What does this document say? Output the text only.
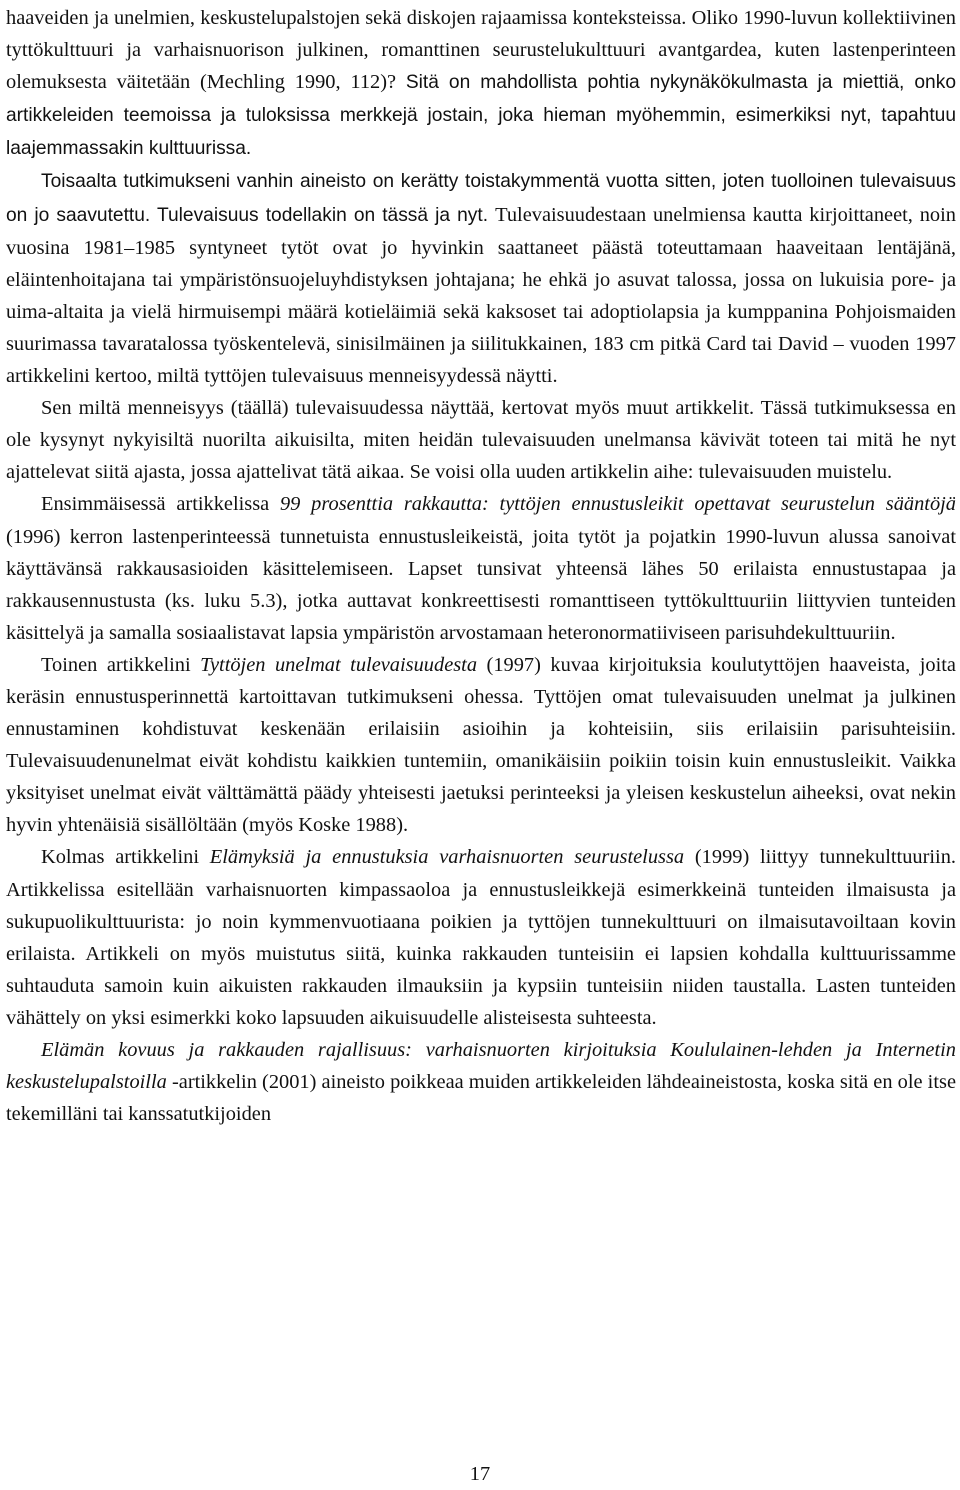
haaveiden ja unelmien, keskustelupalstojen sekä diskojen rajaamissa konteksteissa. Oliko 1990-luvun kollektiivinen tyttökulttuuri ja varhaisnuorison julkinen, romanttinen seurustelukulttuuri avantgardea, kuten lastenperinteen olemuksesta väitetään (Mechling 1990, 112)? Sitä on mahdollista pohtia nykynäkökulmasta ja miettiä, onko artikkeleiden teemoissa ja tuloksissa merkkejä jostain, joka hieman myöhemmin, esimerkiksi nyt, tapahtuu laajemmassakin kulttuurissa.

Toisaalta tutkimukseni vanhin aineisto on kerätty toistakymmentä vuotta sitten, joten tuolloinen tulevaisuus on jo saavutettu. Tulevaisuus todellakin on tässä ja nyt. Tulevaisuudestaan unelmiensa kautta kirjoittaneet, noin vuosina 1981–1985 syntyneet tytöt ovat jo hyvinkin saattaneet päästä toteuttamaan haaveitaan lentäjänä, eläintenhoitajana tai ympäristönsuojeluyhdistyksen johtajana; he ehkä jo asuvat talossa, jossa on lukuisia pore- ja uima-altaita ja vielä hirmuisempi määrä kotieläimiä sekä kaksoset tai adoptiolapsia ja kumppanina Pohjoismaiden suurimassa tavaratalossa työskentelevä, sinisilmäinen ja siilitukkainen, 183 cm pitkä Card tai David – vuoden 1997 artikkelini kertoo, miltä tyttöjen tulevaisuus menneisyydessä näytti.

Sen miltä menneisyys (täällä) tulevaisuudessa näyttää, kertovat myös muut artikkelit. Tässä tutkimuksessa en ole kysynyt nykyisiltä nuorilta aikuisilta, miten heidän tulevaisuuden unelmansa kävivät toteen tai mitä he nyt ajattelevat siitä ajasta, jossa ajattelivat tätä aikaa. Se voisi olla uuden artikkelin aihe: tulevaisuuden muistelu.

Ensimmäisessä artikkelissa 99 prosenttia rakkautta: tyttöjen ennustusleikit opettavat seurustelun sääntöjä (1996) kerron lastenperinteessä tunnetuista ennustusleikeistä, joita tytöt ja pojatkin 1990-luvun alussa sanoivat käyttävänsä rakkausasioiden käsittelemiseen. Lapset tunsivat yhteensä lähes 50 erilaista ennustustapaa ja rakkausennustusta (ks. luku 5.3), jotka auttavat konkreettisesti romanttiseen tyttökulttuuriin liittyvien tunteiden käsittelyä ja samalla sosiaalistavat lapsia ympäristön arvostamaan heteronormatiiviseen parisuhdekulttuuriin.

Toinen artikkelini Tyttöjen unelmat tulevaisuudesta (1997) kuvaa kirjoituksia koulutyttöjen haaveista, joita keräsin ennustusperinnettä kartoittavan tutkimukseni ohessa. Tyttöjen omat tulevaisuuden unelmat ja julkinen ennustaminen kohdistuvat keskenään erilaisiin asioihin ja kohteisiin, siis erilaisiin parisuhteisiin. Tulevaisuudenunelmat eivät kohdistu kaikkien tuntemiin, omanikäisiin poikiin toisin kuin ennustusleikit. Vaikka yksityiset unelmat eivät välttämättä päädy yhteisesti jaetuksi perinteeksi ja yleisen keskustelun aiheeksi, ovat nekin hyvin yhtenäisiä sisällöltään (myös Koske 1988).

Kolmas artikkelini Elämyksiä ja ennustuksia varhaisnuorten seurustelussa (1999) liittyy tunnekulttuuriin. Artikkelissa esitellään varhaisnuorten kimpassaoloa ja ennustusleikkejä esimerkkeinä tunteiden ilmaisusta ja sukupuolikulttuurista: jo noin kymmenvuotiaana poikien ja tyttöjen tunnekulttuuri on ilmaisutavoiltaan kovin erilaista. Artikkeli on myös muistutus siitä, kuinka rakkauden tunteisiin ei lapsien kohdalla kulttuurissamme suhtauduta samoin kuin aikuisten rakkauden ilmauksiin ja kypsiin tunteisiin niiden taustalla. Lasten tunteiden vähättely on yksi esimerkki koko lapsuuden aikuisuudelle alisteisesta suhteesta.

Elämän kovuus ja rakkauden rajallisuus: varhaisnuorten kirjoituksia Koululainen-lehden ja Internetin keskustelupalstoilla -artikkelin (2001) aineisto poikkeaa muiden artikkeleiden lähdeaineistosta, koska sitä en ole itse tekemilläni tai kanssatutkijoiden

17
